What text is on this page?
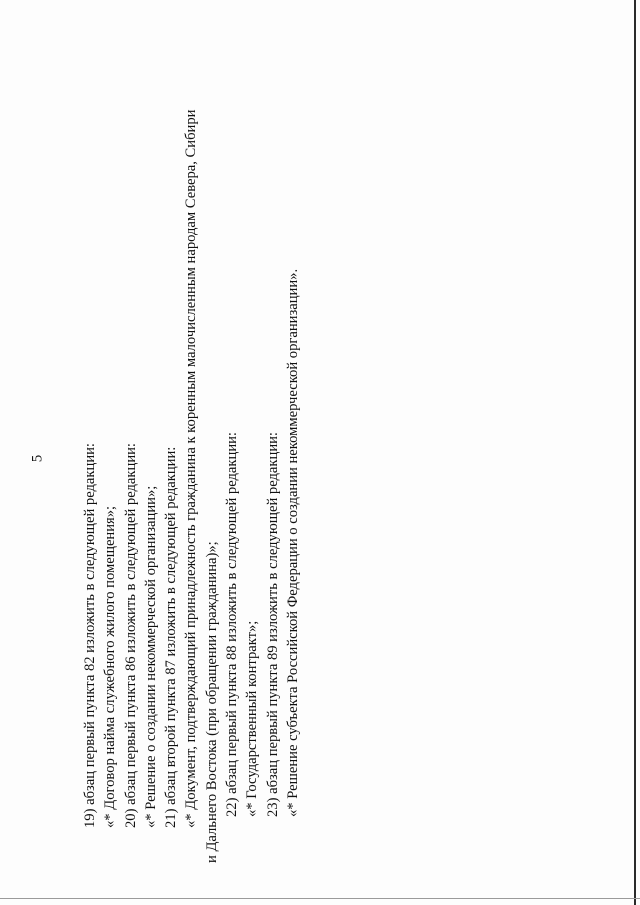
5	19) абзац первый пункта 82 изложить в следующей редакции: «* Договор найма служебного жилого помещения»; 20) абзац первый пункта 86 изложить в следующей редакции: «* Решение о создании некоммерческой организации»; 21) абзац второй пункта 87 изложить в следующей редакции: «* Документ, подтверждающий принадлежность гражданина к коренным малочисленным народам Севера, Сибири и Дальнего Востока (при обращении гражданина)»; 22) абзац первый пункта 88 изложить в следующей редакции: «* Государственный контракт»; 23) абзац первый пункта 89 изложить в следующей редакции: «* Решение субъекта Российской Федерации о создании некоммерческой организации».
